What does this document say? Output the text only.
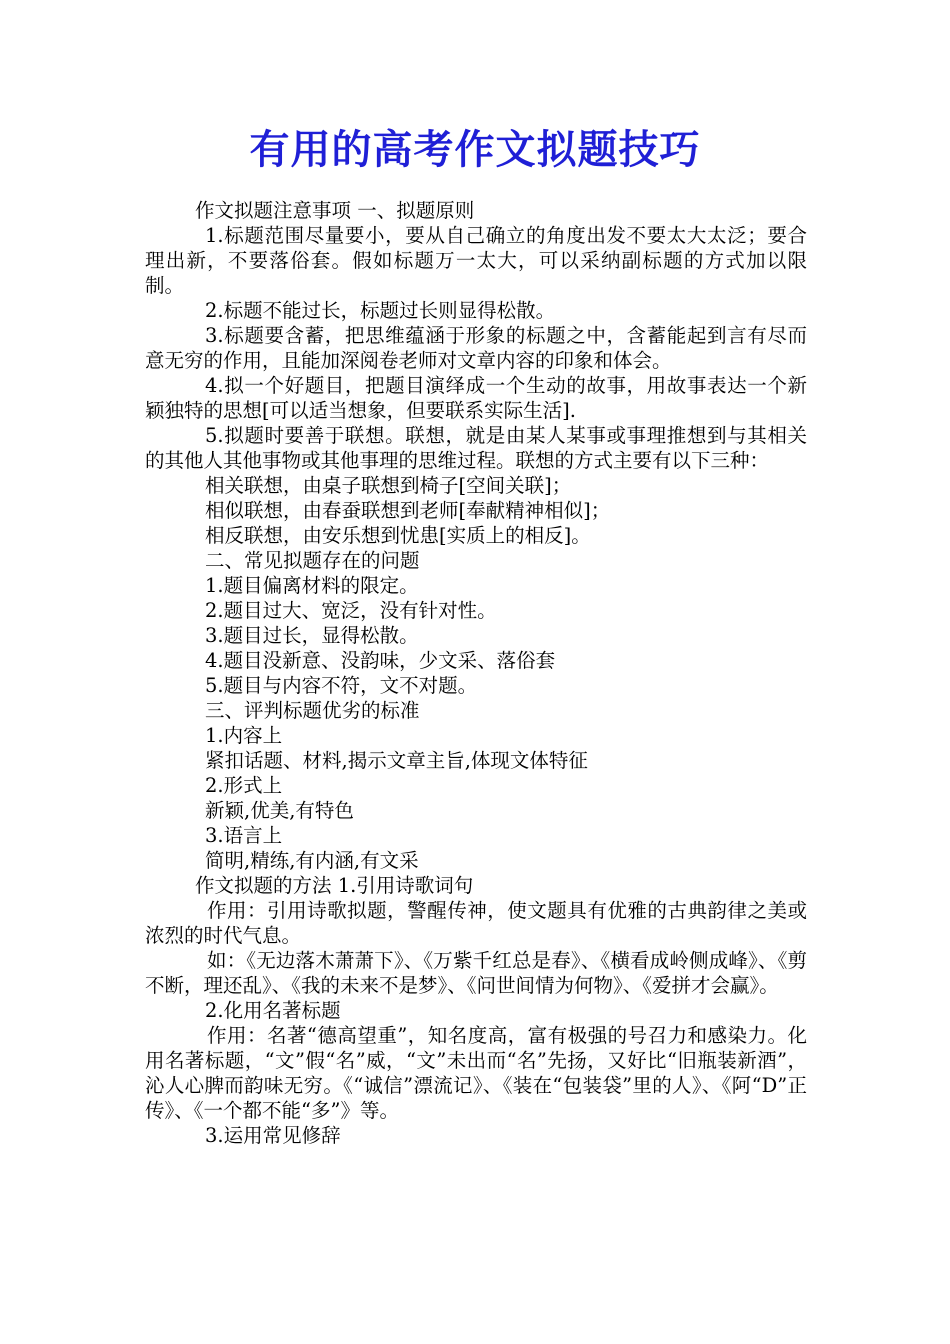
有用的高考作文拟题技巧

作文拟题注意事项 一、拟题原则

1.标题范围尽量要小，要从自己确立的角度出发不要太大太泛；要合理出新，不要落俗套。假如标题万一太大，可以采纳副标题的方式加以限制。

2.标题不能过长，标题过长则显得松散。

3.标题要含蓄，把思维蕴涵于形象的标题之中，含蓄能起到言有尽而意无穷的作用，且能加深阅卷老师对文章内容的印象和体会。

4.拟一个好题目，把题目演绎成一个生动的故事，用故事表达一个新颖独特的思想[可以适当想象，但要联系实际生活].

5.拟题时要善于联想。联想，就是由某人某事或事理推想到与其相关的其他人其他事物或其他事理的思维过程。联想的方式主要有以下三种：

相关联想，由桌子联想到椅子[空间关联]；

相似联想，由春蚕联想到老师[奉献精神相似]；

相反联想，由安乐想到忧患[实质上的相反]。

二、常见拟题存在的问题

1.题目偏离材料的限定。

2.题目过大、宽泛，没有针对性。

3.题目过长，显得松散。

4.题目没新意、没韵味，少文采、落俗套

5.题目与内容不符，文不对题。

三、评判标题优劣的标准

1.内容上

紧扣话题、材料,揭示文章主旨,体现文体特征

2.形式上

新颖,优美,有特色

3.语言上

简明,精练,有内涵,有文采

作文拟题的方法 1.引用诗歌词句

作用：引用诗歌拟题，警醒传神，使文题具有优雅的古典韵律之美或浓烈的时代气息。

如：《无边落木萧萧下》、《万紫千红总是春》、《横看成岭侧成峰》、《剪不断，理还乱》、《我的未来不是梦》、《问世间情为何物》、《爱拼才会赢》。

2.化用名著标题

作用：名著“德高望重”，知名度高，富有极强的号召力和感染力。化用名著标题，“文”假“名”威，“文”未出而“名”先扬，又好比“旧瓶装新酒”，沁人心脾而韵味无穷。《“诚信”漂流记》、《装在“包装袋”里的人》、《阿“D”正传》、《一个都不能“多”》等。

3.运用常见修辞
